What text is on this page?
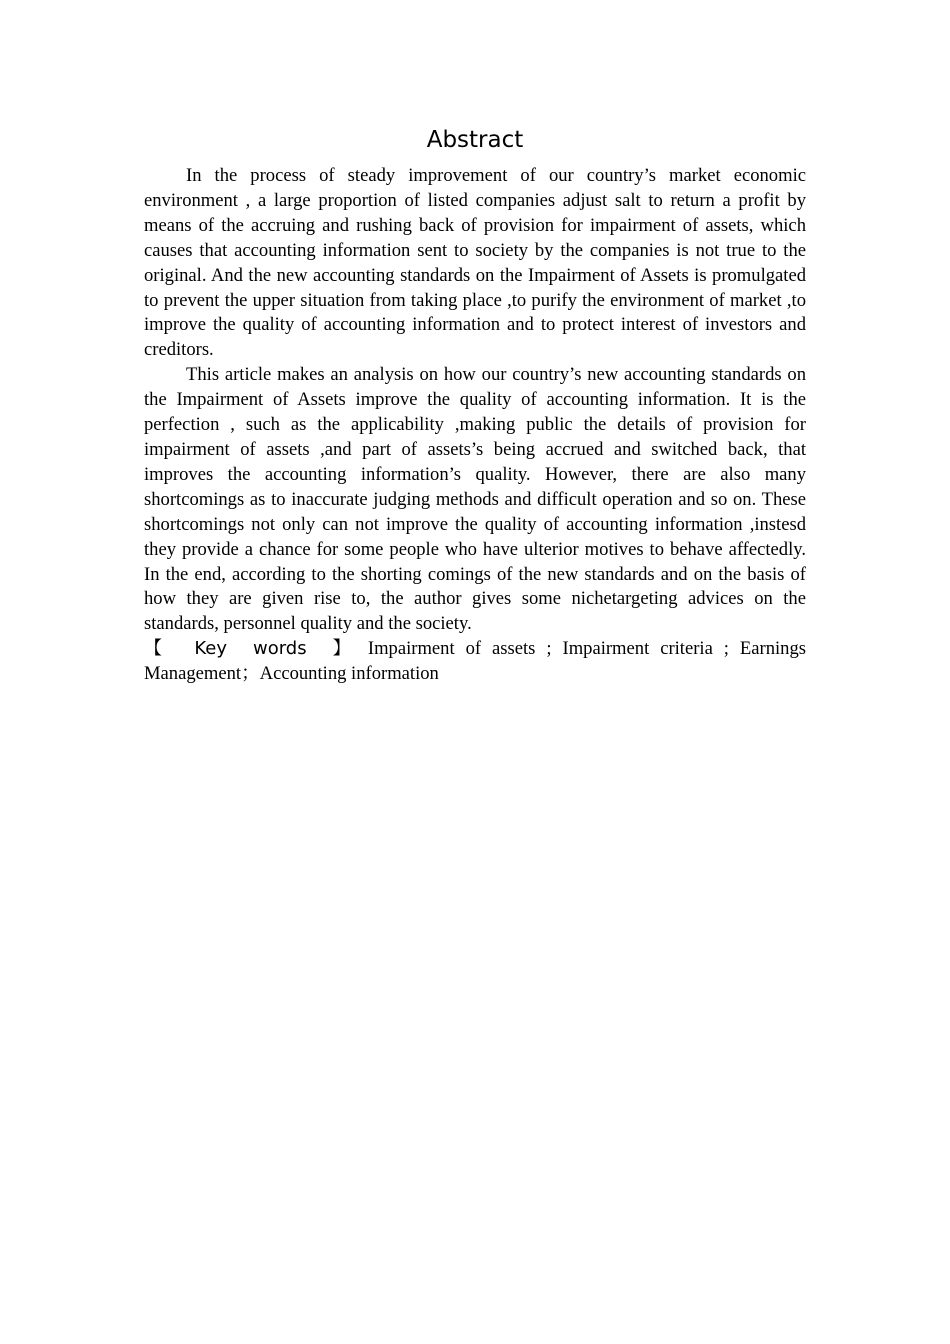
Abstract

In the process of steady improvement of our country’s market economic environment , a large proportion of listed companies adjust salt to return a profit by means of the accruing and rushing back of provision for impairment of assets, which causes that accounting information sent to society by the companies is not true to the original. And the new accounting standards on the Impairment of Assets is promulgated to prevent the upper situation from taking place ,to purify the environment of market ,to improve the quality of accounting information and to protect interest of investors and creditors.

This article makes an analysis on how our country’s new accounting standards on the Impairment of Assets improve the quality of accounting information. It is the perfection , such as the applicability ,making public the details of provision for impairment of assets ,and part of assets’s being accrued and switched back, that improves the accounting information’s quality. However, there are also many shortcomings as to inaccurate judging methods and difficult operation and so on. These shortcomings not only can not improve the quality of accounting information ,instesd they provide a chance for some people who have ulterior motives to behave affectedly. In the end, according to the shorting comings of the new standards and on the basis of how they are given rise to, the author gives some nichetargeting advices on the standards, personnel quality and the society.

【 Key words 】 Impairment of assets ; Impairment criteria ; Earnings Management；Accounting information
